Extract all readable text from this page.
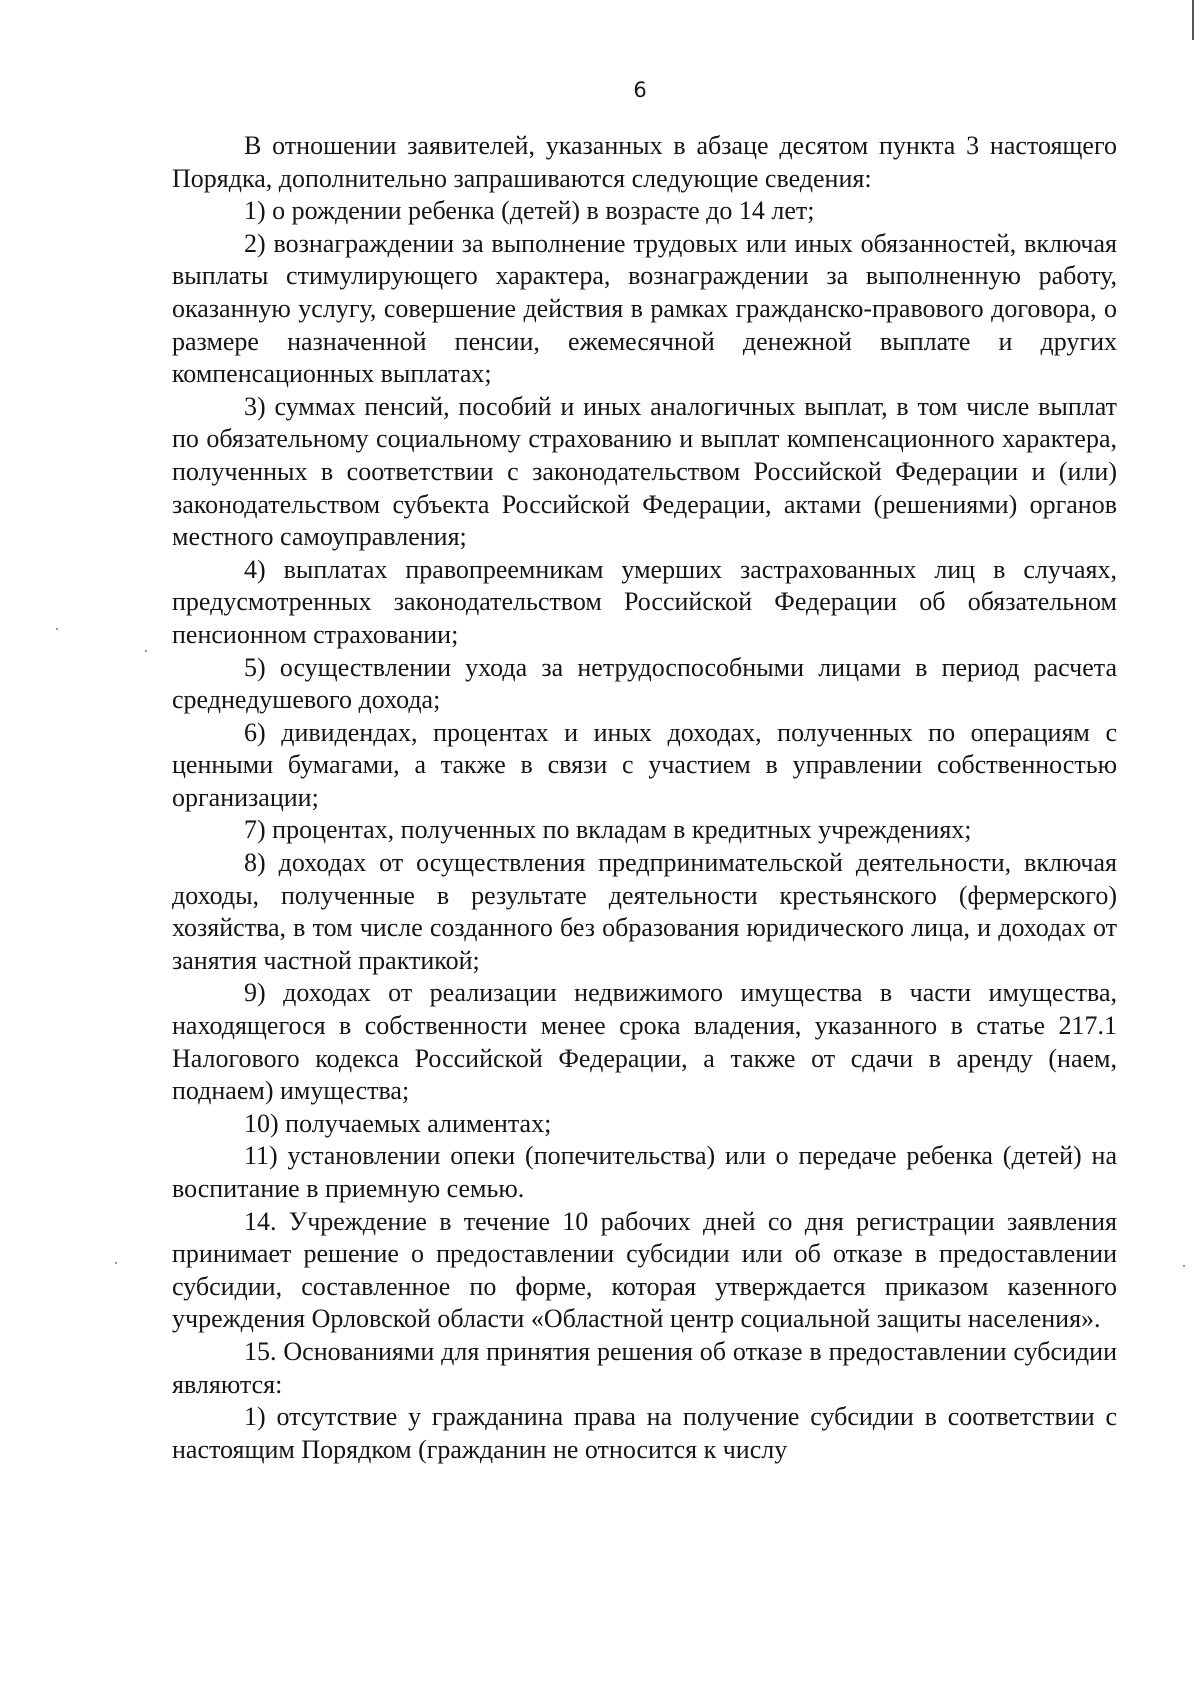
6

В отношении заявителей, указанных в абзаце десятом пункта 3 настоящего Порядка, дополнительно запрашиваются следующие сведения:

1) о рождении ребенка (детей) в возрасте до 14 лет;

2) вознаграждении за выполнение трудовых или иных обязанностей, включая выплаты стимулирующего характера, вознаграждении за выполненную работу, оказанную услугу, совершение действия в рамках гражданско-правового договора, о размере назначенной пенсии, ежемесячной денежной выплате и других компенсационных выплатах;

3) суммах пенсий, пособий и иных аналогичных выплат, в том числе выплат по обязательному социальному страхованию и выплат компенсационного характера, полученных в соответствии с законодательством Российской Федерации и (или) законодательством субъекта Российской Федерации, актами (решениями) органов местного самоуправления;

4) выплатах правопреемникам умерших застрахованных лиц в случаях, предусмотренных законодательством Российской Федерации об обязательном пенсионном страховании;

5) осуществлении ухода за нетрудоспособными лицами в период расчета среднедушевого дохода;

6) дивидендах, процентах и иных доходах, полученных по операциям с ценными бумагами, а также в связи с участием в управлении собственностью организации;

7) процентах, полученных по вкладам в кредитных учреждениях;

8) доходах от осуществления предпринимательской деятельности, включая доходы, полученные в результате деятельности крестьянского (фермерского) хозяйства, в том числе созданного без образования юридического лица, и доходах от занятия частной практикой;

9) доходах от реализации недвижимого имущества в части имущества, находящегося в собственности менее срока владения, указанного в статье 217.1 Налогового кодекса Российской Федерации, а также от сдачи в аренду (наем, поднаем) имущества;

10) получаемых алиментах;

11) установлении опеки (попечительства) или о передаче ребенка (детей) на воспитание в приемную семью.

14. Учреждение в течение 10 рабочих дней со дня регистрации заявления принимает решение о предоставлении субсидии или об отказе в предоставлении субсидии, составленное по форме, которая утверждается приказом казенного учреждения Орловской области «Областной центр социальной защиты населения».

15. Основаниями для принятия решения об отказе в предоставлении субсидии являются:

1) отсутствие у гражданина права на получение субсидии в соответствии с настоящим Порядком (гражданин не относится к числу
